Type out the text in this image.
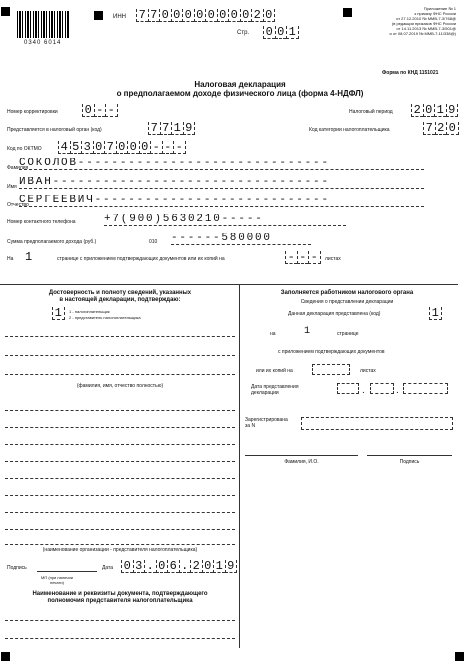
0340 6014
ИНН 7 7 0 0 0 0 0 0 0 0 2 0
Стр. 0 0 1
Приложение № 1
к приказу ФНС России
от 27.12.2010 № ММВ-7-3/768@
(в редакции приказов ФНС России
от 14.11.2013 № ММВ-7-3/501@
и от 08.07.2019 № ММВ-7-11/338@)
Форма по КНД 1151021
Налоговая декларация
о предполагаемом доходе физического лица (форма 4-НДФЛ)
Номер корректировки 0 - -	Налоговый период 2 0 1 9
Представляется в налоговый орган (код)	7 7 1 9	Код категории налогоплательщика	7 2 0
Код по ОКТМО 4 5 3 0 7 0 0 0 - - -
Фамилия
СОКОЛОВ------------------------------
Имя ИВАН---------------------------------
Отчество
СЕРГЕЕВИЧ----------------------------
Номер контактного телефона	+7(900)5630210-----
Сумма предполагаемого дохода (руб.)	010 ------580000
На 1	странице с приложением подтверждающих документов или их копий на	- - -	листах
Достоверность и полноту сведений, указанных
в настоящей декларации, подтверждаю:
1	1 - налогоплательщик
2 - представитель налогоплательщика
(фамилия, имя, отчество полностью)
(наименование организации - представителя налогоплательщика)
Подпись	Дата 0 3 . 0 6 . 2 0 1 9
МП (при наличии печати)
Наименование и реквизиты документа, подтверждающего
полномочия представителя налогоплательщика
Заполняется работником налогового органа
Сведения о представлении декларации
Данная декларация представлена (код)	1
на	1	странице
с приложением подтверждающих документов
или их копий на	листах
Дата представления
декларации	.	.
Зарегистрирована
за N
Фамилия, И.О.	Подпись
